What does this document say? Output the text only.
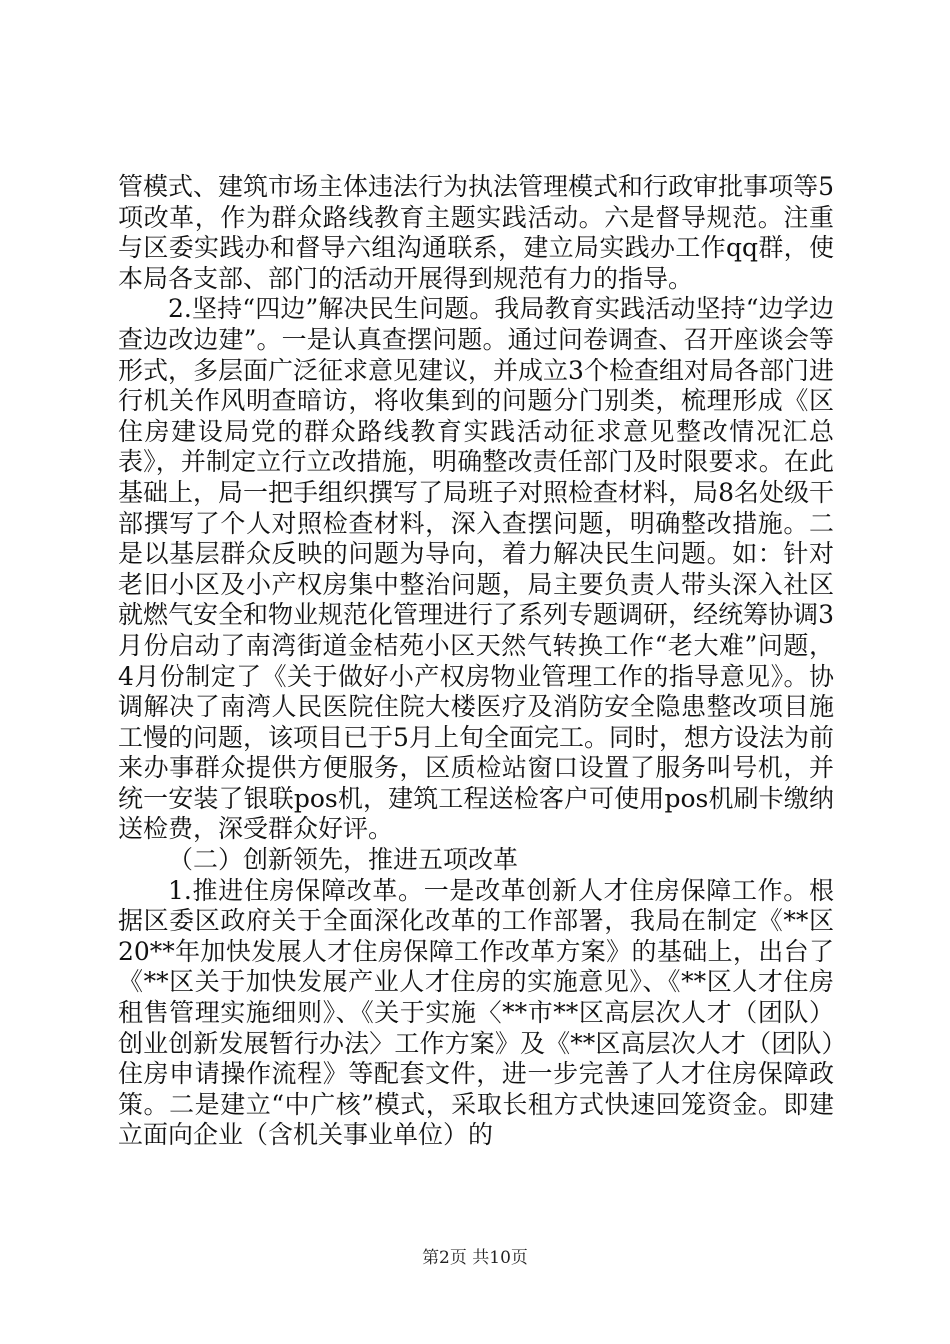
管模式、建筑市场主体违法行为执法管理模式和行政审批事项等5项改革，作为群众路线教育主题实践活动。六是督导规范。注重与区委实践办和督导六组沟通联系，建立局实践办工作qq群，使本局各支部、部门的活动开展得到规范有力的指导。

2.坚持“四边”解决民生问题。我局教育实践活动坚持“边学边查边改边建”。一是认真查摆问题。通过问卷调查、召开座谈会等形式，多层面广泛征求意见建议，并成立3个检查组对局各部门进行机关作风明查暗访，将收集到的问题分门别类，梳理形成《区住房建设局党的群众路线教育实践活动征求意见整改情况汇总表》，并制定立行立改措施，明确整改责任部门及时限要求。在此基础上，局一把手组织撰写了局班子对照检查材料，局8名处级干部撰写了个人对照检查材料，深入查摆问题，明确整改措施。二是以基层群众反映的问题为导向，着力解决民生问题。如：针对老旧小区及小产权房集中整治问题，局主要负责人带头深入社区就燃气安全和物业规范化管理进行了系列专题调研，经统筹协调3月份启动了南湾街道金桔苑小区天然气转换工作“老大难”问题，4月份制定了《关于做好小产权房物业管理工作的指导意见》。协调解决了南湾人民医院住院大楼医疗及消防安全隐患整改项目施工慢的问题，该项目已于5月上旬全面完工。同时，想方设法为前来办事群众提供方便服务，区质检站窗口设置了服务叫号机，并统一安装了银联pos机，建筑工程送检客户可使用pos机刷卡缴纳送检费，深受群众好评。

（二）创新领先，推进五项改革

1.推进住房保障改革。一是改革创新人才住房保障工作。根据区委区政府关于全面深化改革的工作部署，我局在制定《**区20**年加快发展人才住房保障工作改革方案》的基础上，出台了《**区关于加快发展产业人才住房的实施意见》、《**区人才住房租售管理实施细则》、《关于实施〈**市**区高层次人才（团队）创业创新发展暂行办法〉工作方案》及《**区高层次人才（团队）住房申请操作流程》等配套文件，进一步完善了人才住房保障政策。二是建立“中广核”模式，采取长租方式快速回笼资金。即建立面向企业（含机关事业单位）的

第2页 共10页
